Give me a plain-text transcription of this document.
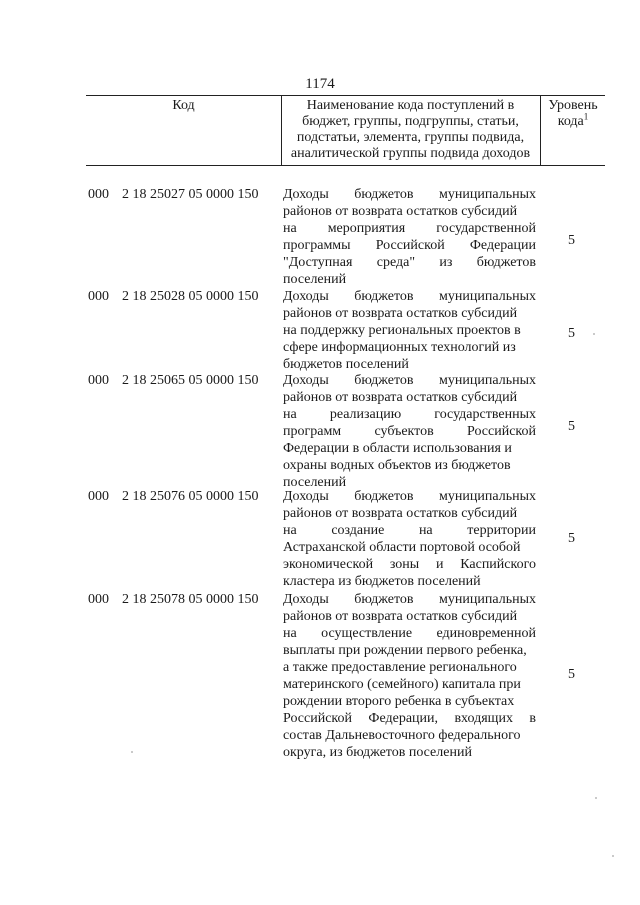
1174
Код	Наименование кода поступлений в
бюджет, группы, подгруппы, статьи,
подстатьи, элемента, группы подвида,
аналитической группы подвида доходов
Уровень
кода$^1$
000 2 18 25027 05 0000 150 Доходы бюджетов муниципальных
районов от возврата остатков субсидий
на мероприятия государственной
программы Российской Федерации
"Доступная среда" из бюджетов
поселений
5
000 2 18 25028 05 0000 150 Доходы бюджетов муниципальных
районов от возврата остатков субсидий
на поддержку региональных проектов в
сфере информационных технологий из
бюджетов поселений
5
000 2 18 25065 05 0000 150 Доходы бюджетов муниципальных
районов от возврата остатков субсидий
на реализацию государственных
программ субъектов Российской
Федерации в области использования и
охраны водных объектов из бюджетов
поселений
5
000 2 18 25076 05 0000 150 Доходы бюджетов муниципальных
районов от возврата остатков субсидий
на создание на территории
Астраханской области портовой особой
экономической зоны и Каспийского
кластера из бюджетов поселений
5
000 2 18 25078 05 0000 150 Доходы бюджетов муниципальных
районов от возврата остатков субсидий
на осуществление единовременной
выплаты при рождении первого ребенка,
а также предоставление регионального
материнского (семейного) капитала при
рождении второго ребенка в субъектах
Российской Федерации, входящих в
состав Дальневосточного федерального
округа, из бюджетов поселений
5
